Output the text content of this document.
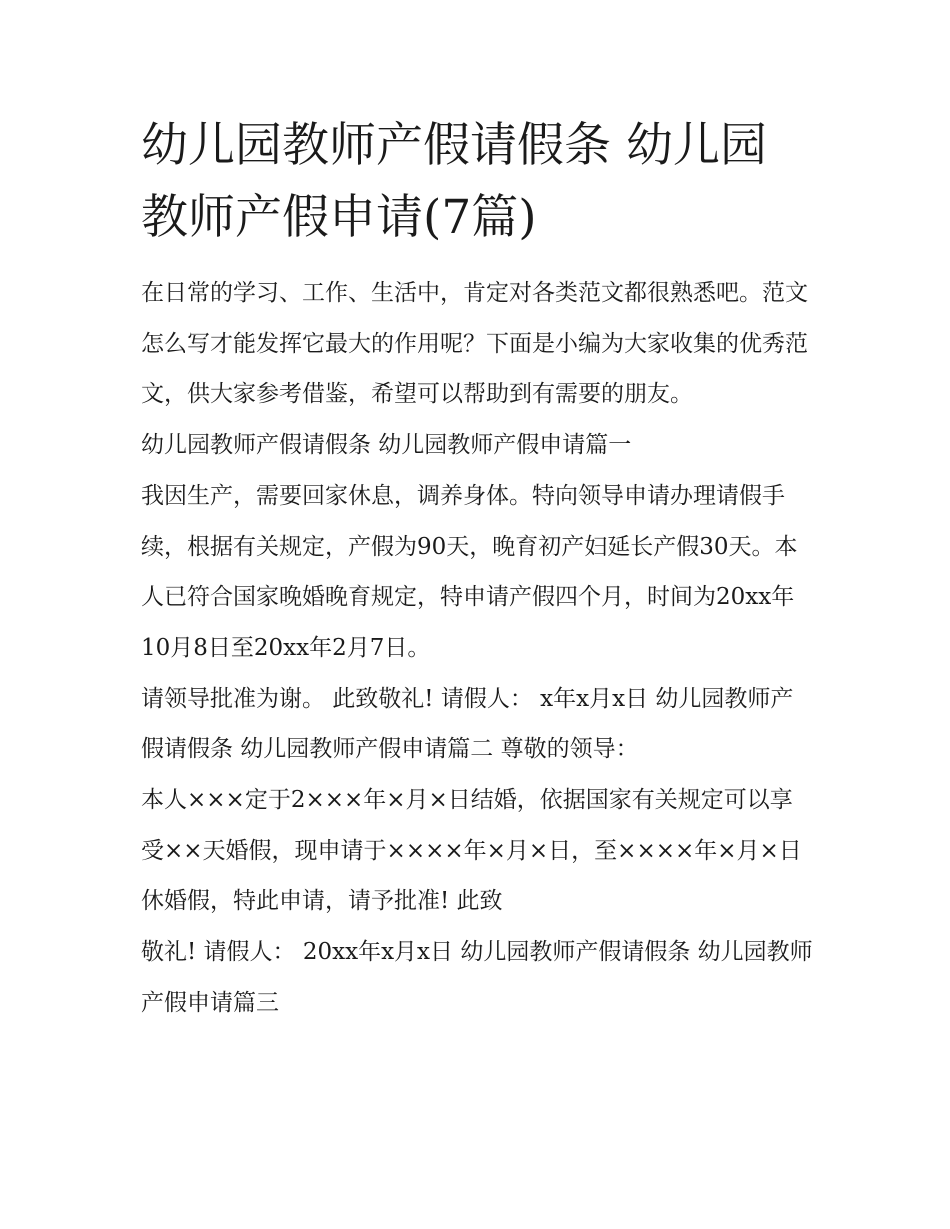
幼儿园教师产假请假条 幼儿园教师产假申请(7篇)

在日常的学习、工作、生活中，肯定对各类范文都很熟悉吧。范文怎么写才能发挥它最大的作用呢？下面是小编为大家收集的优秀范文，供大家参考借鉴，希望可以帮助到有需要的朋友。

幼儿园教师产假请假条 幼儿园教师产假申请篇一

我因生产，需要回家休息，调养身体。特向领导申请办理请假手续，根据有关规定，产假为90天，晚育初产妇延长产假30天。本人已符合国家晚婚晚育规定，特申请产假四个月，时间为20xx年10月8日至20xx年2月7日。

请领导批准为谢。 此致敬礼! 请假人： x年x月x日 幼儿园教师产假请假条 幼儿园教师产假申请篇二 尊敬的领导：

本人×××定于2×××年×月×日结婚，依据国家有关规定可以享受××天婚假，现申请于××××年×月×日，至××××年×月×日休婚假，特此申请，请予批准! 此致

敬礼! 请假人： 20xx年x月x日 幼儿园教师产假请假条 幼儿园教师产假申请篇三
